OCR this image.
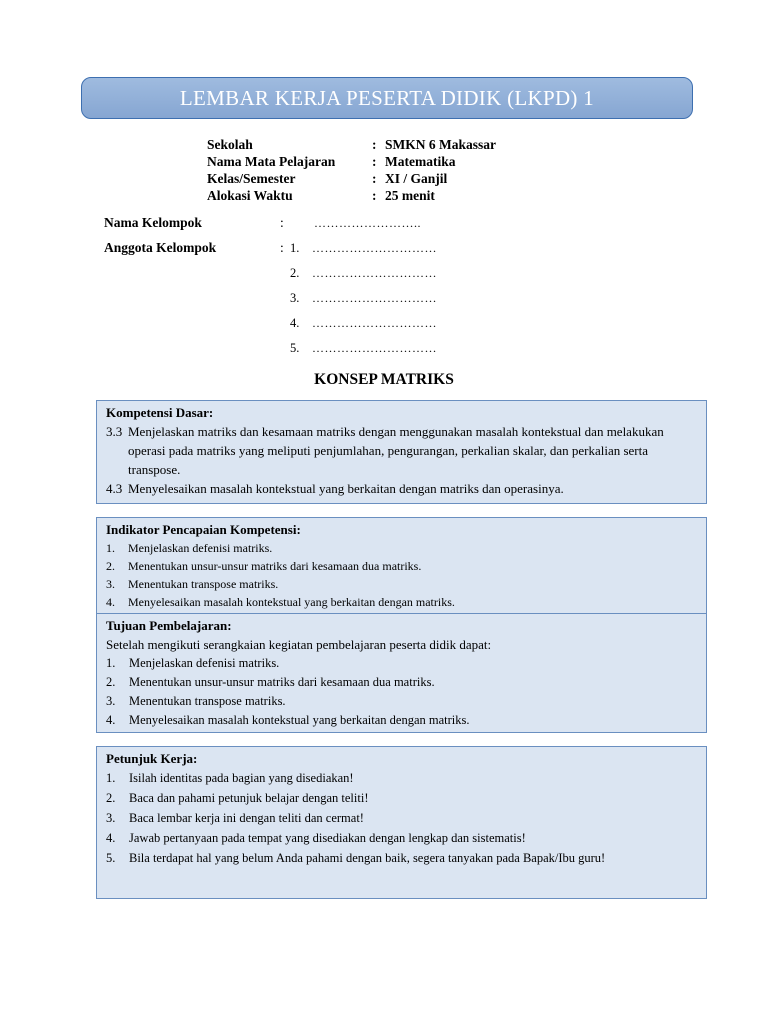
LEMBAR KERJA PESERTA DIDIK (LKPD) 1
Sekolah	: SMKN 6 Makassar
Nama Mata Pelajaran	: Matematika
Kelas/Semester	: XI / Ganjil
Alokasi Waktu	: 25 menit
Nama Kelompok	:	……………………..
Anggota Kelompok	: 1. …………………………
2. …………………………
3. …………………………
4. …………………………
5. …………………………
KONSEP MATRIKS
Kompetensi Dasar:
3.3 Menjelaskan matriks dan kesamaan matriks dengan menggunakan masalah kontekstual dan melakukan operasi pada matriks yang meliputi penjumlahan, pengurangan, perkalian skalar, dan perkalian serta transpose.
4.3 Menyelesaikan masalah kontekstual yang berkaitan dengan matriks dan operasinya.
Indikator Pencapaian Kompetensi:
1.	Menjelaskan defenisi matriks.
2.	Menentukan unsur-unsur matriks dari kesamaan dua matriks.
3.	Menentukan transpose matriks.
4.	Menyelesaikan masalah kontekstual yang berkaitan dengan matriks.
Tujuan Pembelajaran:
Setelah mengikuti serangkaian kegiatan pembelajaran peserta didik dapat:
1.	Menjelaskan defenisi matriks.
2.	Menentukan unsur-unsur matriks dari kesamaan dua matriks.
3.	Menentukan transpose matriks.
4.	Menyelesaikan masalah kontekstual yang berkaitan dengan matriks.
Petunjuk Kerja:
1.	Isilah identitas pada bagian yang disediakan!
2.	Baca dan pahami petunjuk belajar dengan teliti!
3.	Baca lembar kerja ini dengan teliti dan cermat!
4.	Jawab pertanyaan pada tempat yang disediakan dengan lengkap dan sistematis!
5.	Bila terdapat hal yang belum Anda pahami dengan baik, segera tanyakan pada Bapak/Ibu guru!
